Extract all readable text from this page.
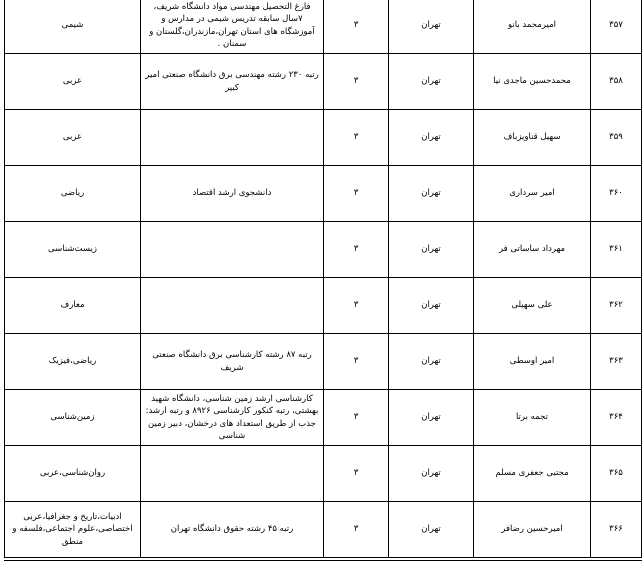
۳۵۷	امیرمحمد بانو	تهران	۳	فارغ التحصیل مهندسی مواد دانشگاه شریف، ۷سال سابقه تدریس شیمی در مدارس و آموزشگاه های استان تهران،مازندران،گلستان و سمنان .	شیمی
۳۵۸	محمدحسین ماجدی نیا	تهران	۳	رتبه ۲۳۰ رشته مهندسی برق دانشگاه صنعتی امیر کبیر	عربی
۳۵۹	سهیل قناویزباف	تهران	۳		عربی
۳۶۰	امیر سرداری	تهران	۳	دانشجوی ارشد اقتصاد	ریاضی
۳۶۱	مهرداد ساساتی فر	تهران	۳		زیست‌شناسی
۳۶۲	علی سهیلی	تهران	۳		معارف
۳۶۳	امیر اوسطی	تهران	۳	رتبه ۸۷ رشته کارشناسی برق دانشگاه صنعتی شریف	ریاضی،فیزیک
۳۶۴	تجمه برتا	تهران	۳	کارشناسی ارشد زمین شناسی، دانشگاه شهید بهشتی، رتبه کنکور کارشناسی ۸۹۲۶ و رتبه ارشد: جذب از طریق استعداد های درخشان، دبیر زمین شناسی	زمین‌شناسی
۳۶۵	مجتبی جعفری مسلم	تهران	۳		روان‌شناسی،عربی
۳۶۶	امیرحسین رضافر	تهران	۳	رتبه ۴۵ رشته حقوق دانشگاه تهران	ادبیات،تاریخ و جغرافیا،عربی اختصاصی،علوم اجتماعی،فلسفه و منطق
